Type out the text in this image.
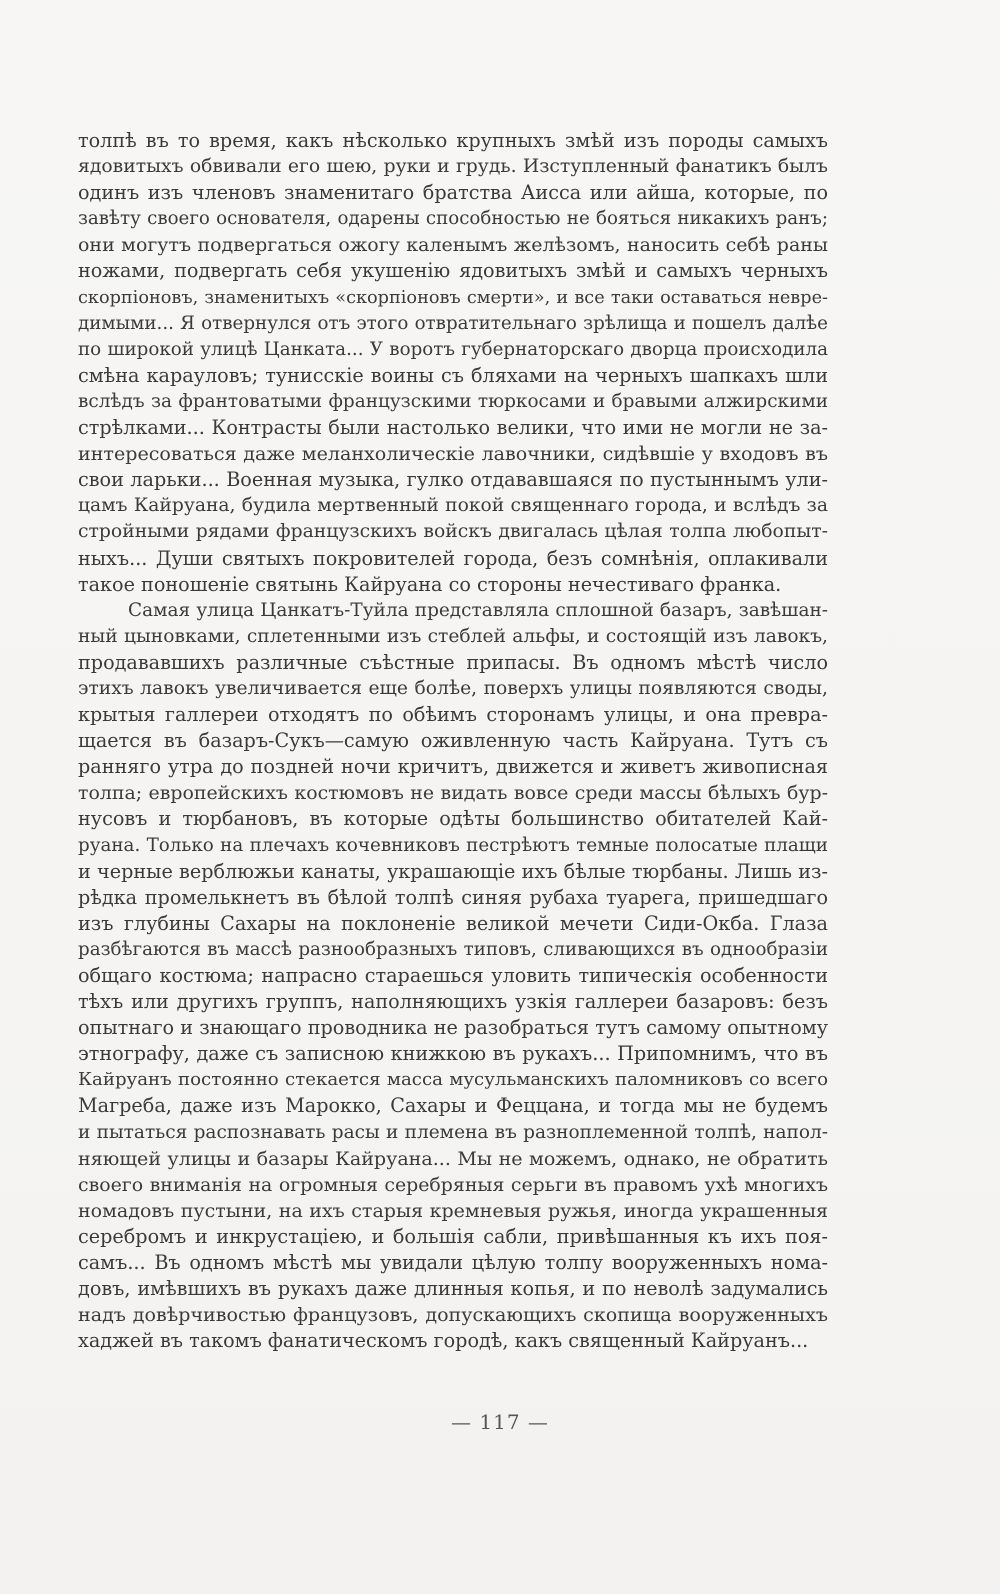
толпѣ въ то время, какъ нѣсколько крупныхъ змѣй изъ породы самыхъ
ядовитыхъ обвивали его шею, руки и грудь. Изступленный фанатикъ былъ
одинъ изъ членовъ знаменитаго братства Аисса или айша, которые, по
завѣту своего основателя, одарены способностью не бояться никакихъ ранъ;
они могутъ подвергаться ожогу каленымъ желѣзомъ, наносить себѣ раны
ножами, подвергать себя укушенію ядовитыхъ змѣй и самыхъ черныхъ
скорпіоновъ, знаменитыхъ «скорпіоновъ смерти», и все таки оставаться невре-
димыми... Я отвернулся отъ этого отвратительнаго зрѣлища и пошелъ далѣе
по широкой улицѣ Цанката... У воротъ губернаторскаго дворца происходила
смѣна карауловъ; тунисскіе воины съ бляхами на черныхъ шапкахъ шли
вслѣдъ за франтоватыми французскими тюркосами и бравыми алжирскими
стрѣлками... Контрасты были настолько велики, что ими не могли не за-
интересоваться даже меланхолическіе лавочники, сидѣвшіе у входовъ въ
свои ларьки... Военная музыка, гулко отдававшаяся по пустыннымъ ули-
цамъ Кайруана, будила мертвенный покой священнаго города, и вслѣдъ за
стройными рядами французскихъ войскъ двигалась цѣлая толпа любопыт-
ныхъ... Души святыхъ покровителей города, безъ сомнѣнія, оплакивали
такое поношеніе святынь Кайруана со стороны нечестиваго франка.
Самая улица Цанкатъ-Туйла представляла сплошной базаръ, завѣшан-
ный цыновками, сплетенными изъ стеблей альфы, и состоящій изъ лавокъ,
продававшихъ различные съѣстные припасы. Въ одномъ мѣстѣ число
этихъ лавокъ увеличивается еще болѣе, поверхъ улицы появляются своды,
крытыя галлереи отходятъ по обѣимъ сторонамъ улицы, и она превра-
щается въ базаръ-Сукъ—самую оживленную часть Кайруана. Тутъ съ
ранняго утра до поздней ночи кричитъ, движется и живетъ живописная
толпа; европейскихъ костюмовъ не видать вовсе среди массы бѣлыхъ бур-
нусовъ и тюрбановъ, въ которые одѣты большинство обитателей Кай-
руана. Только на плечахъ кочевниковъ пестрѣютъ темные полосатые плащи
и черные верблюжьи канаты, украшающіе ихъ бѣлые тюрбаны. Лишь из-
рѣдка промелькнетъ въ бѣлой толпѣ синяя рубаха туарега, пришедшаго
изъ глубины Сахары на поклоненіе великой мечети Сиди-Окба. Глаза
разбѣгаются въ массѣ разнообразныхъ типовъ, сливающихся въ однообразіи
общаго костюма; напрасно стараешься уловить типическія особенности
тѣхъ или другихъ группъ, наполняющихъ узкія галлереи базаровъ: безъ
опытнаго и знающаго проводника не разобраться тутъ самому опытному
этнографу, даже съ записною книжкою въ рукахъ... Припомнимъ, что въ
Кайруанъ постоянно стекается масса мусульманскихъ паломниковъ со всего
Магреба, даже изъ Марокко, Сахары и Феццана, и тогда мы не будемъ
и пытаться распознавать расы и племена въ разноплеменной толпѣ, напол-
няющей улицы и базары Кайруана... Мы не можемъ, однако, не обратить
своего вниманія на огромныя серебряныя серьги въ правомъ ухѣ многихъ
номадовъ пустыни, на ихъ старыя кремневыя ружья, иногда украшенныя
серебромъ и инкрустаціею, и большія сабли, привѣшанныя къ ихъ поя-
самъ... Въ одномъ мѣстѣ мы увидали цѣлую толпу вооруженныхъ нома-
довъ, имѣвшихъ въ рукахъ даже длинныя копья, и по неволѣ задумались
надъ довѣрчивостью французовъ, допускающихъ скопища вооруженныхъ
хаджей въ такомъ фанатическомъ городѣ, какъ священный Кайруанъ...
— 117 —
